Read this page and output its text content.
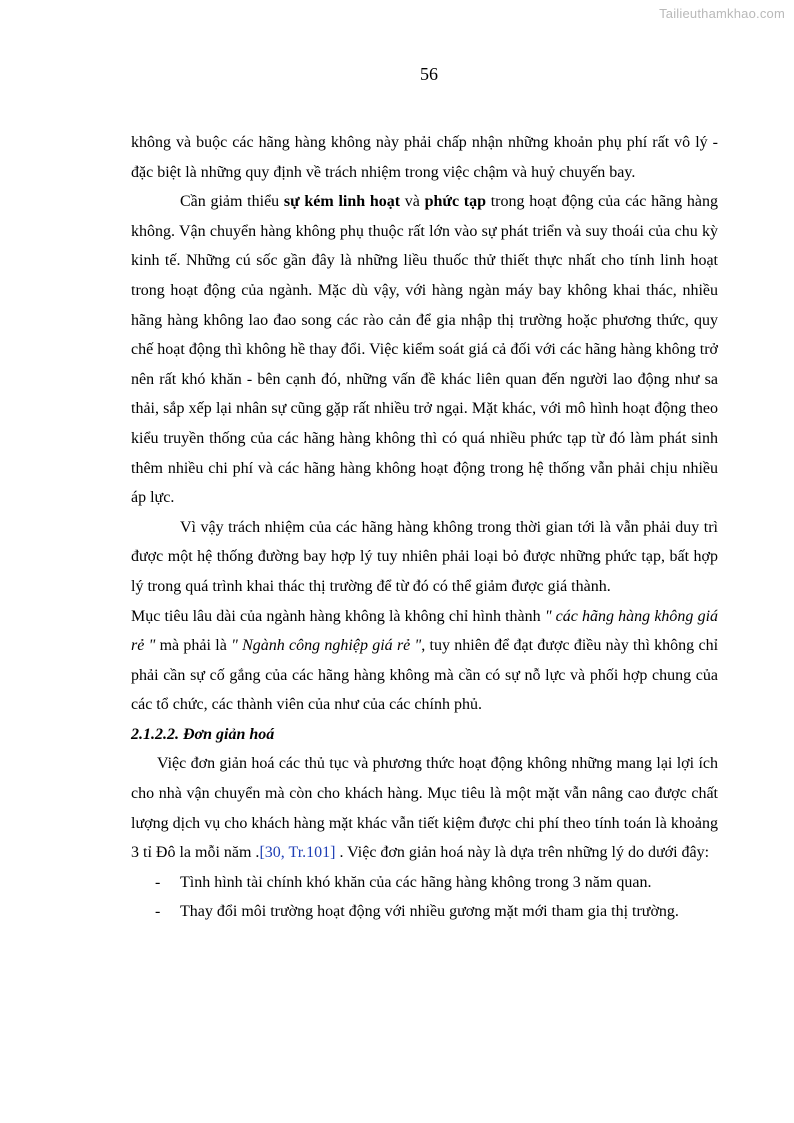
Tailieuthamkhao.com
56

không và buộc các hãng hàng không này phải chấp nhận những khoản phụ phí rất vô lý - đặc biệt là những quy định về trách nhiệm trong việc chậm và huỷ chuyến bay.

Cần giảm thiểu sự kém linh hoạt và phức tạp trong hoạt động của các hãng hàng không. Vận chuyển hàng không phụ thuộc rất lớn vào sự phát triển và suy thoái của chu kỳ kinh tế. Những cú sốc gần đây là những liều thuốc thử thiết thực nhất cho tính linh hoạt trong hoạt động của ngành. Mặc dù vậy, với hàng ngàn máy bay không khai thác, nhiều hãng hàng không lao đao song các rào cản để gia nhập thị trường hoặc phương thức, quy chế hoạt động thì không hề thay đổi. Việc kiểm soát giá cả đối với các hãng hàng không trở nên rất khó khăn - bên cạnh đó, những vấn đề khác liên quan đến người lao động như sa thải, sắp xếp lại nhân sự cũng gặp rất nhiều trở ngại. Mặt khác, với mô hình hoạt động theo kiểu truyền thống của các hãng hàng không thì có quá nhiều phức tạp từ đó làm phát sinh thêm nhiều chi phí và các hãng hàng không hoạt động trong hệ thống vẫn phải chịu nhiều áp lực.

Vì vậy trách nhiệm của các hãng hàng không trong thời gian tới là vẫn phải duy trì được một hệ thống đường bay hợp lý tuy nhiên phải loại bỏ được những phức tạp, bất hợp lý trong quá trình khai thác thị trường để từ đó có thể giảm được giá thành.

Mục tiêu lâu dài của ngành hàng không là không chỉ hình thành " các hãng hàng không giá rẻ " mà phải là " Ngành công nghiệp giá rẻ ", tuy nhiên để đạt được điều này thì không chỉ phải cần sự cố gắng của các hãng hàng không mà cần có sự nỗ lực và phối hợp chung của các tổ chức, các thành viên của như của các chính phủ.

2.1.2.2. Đơn giản hoá

Việc đơn giản hoá các thủ tục và phương thức hoạt động không những mang lại lợi ích cho nhà vận chuyển mà còn cho khách hàng. Mục tiêu là một mặt vẫn nâng cao được chất lượng dịch vụ cho khách hàng mặt khác vẫn tiết kiệm được chi phí theo tính toán là khoảng 3 tỉ Đô la mỗi năm .[30, Tr.101] . Việc đơn giản hoá này là dựa trên những lý do dưới đây:

- Tình hình tài chính khó khăn của các hãng hàng không trong 3 năm quan.
- Thay đổi môi trường hoạt động với nhiều gương mặt mới tham gia thị trường.
